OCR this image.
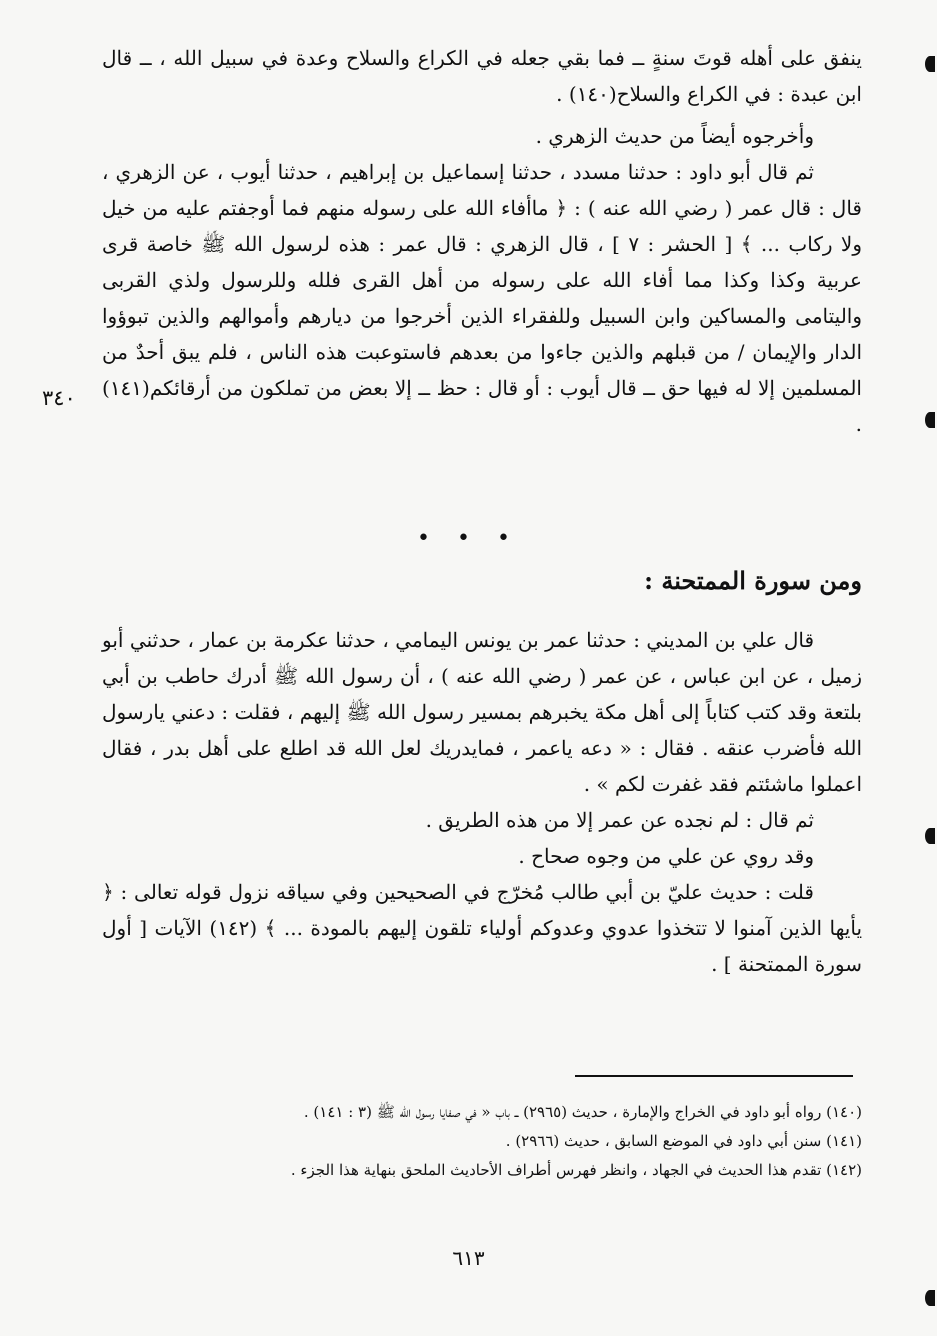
ينفق على أهله قوتَ سنةٍ ــ فما بقي جعله في الكراع والسلاح وعدة في سبيل الله ، ــ قال ابن عبدة : في الكراع والسلاح(١٤٠) .

وأخرجوه أيضاً من حديث الزهري .

ثم قال أبو داود : حدثنا مسدد ، حدثنا إسماعيل بن إبراهيم ، حدثنا أيوب ، عن الزهري ، قال : قال عمر ( رضي الله عنه ) : ﴿ ماأفاء الله على رسوله منهم فما أوجفتم عليه من خيل ولا ركاب ... ﴾ [ الحشر : ٧ ] ، قال الزهري : قال عمر : هذه لرسول الله ﷺ خاصة قرى عربية وكذا وكذا مما أفاء الله على رسوله من أهل القرى فلله وللرسول ولذي القربى واليتامى والمساكين وابن السبيل وللفقراء الذين أخرجوا من ديارهم وأموالهم والذين تبوؤوا الدار والإيمان / من قبلهم والذين جاءوا من بعدهم فاستوعبت هذه الناس ، فلم يبق أحدٌ من المسلمين إلا له فيها حق ــ قال أيوب : أو قال : حظ ــ إلا بعض من تملكون من أرقائكم(١٤١) .

٣٤٠
• • •
ومن سورة الممتحنة :

قال علي بن المديني : حدثنا عمر بن يونس اليمامي ، حدثنا عكرمة بن عمار ، حدثني أبو زميل ، عن ابن عباس ، عن عمر ( رضي الله عنه ) ، أن رسول الله ﷺ أدرك حاطب بن أبي بلتعة وقد كتب كتاباً إلى أهل مكة يخبرهم بمسير رسول الله ﷺ إليهم ، فقلت : دعني يارسول الله فأضرب عنقه . فقال : « دعه ياعمر ، فمايدريك لعل الله قد اطلع على أهل بدر ، فقال اعملوا ماشئتم فقد غفرت لكم » .

ثم قال : لم نجده عن عمر إلا من هذه الطريق .

وقد روي عن علي من وجوه صحاح .

قلت : حديث عليّ بن أبي طالب مُخرّج في الصحيحين وفي سياقه نزول قوله تعالى : ﴿ يأيها الذين آمنوا لا تتخذوا عدوي وعدوكم أولياء تلقون إليهم بالمودة ... ﴾ (١٤٢) الآيات [ أول سورة الممتحنة ] .

(١٤٠) رواه أبو داود في الخراج والإمارة ، حديث (٢٩٦٥) ــ باب « في صفايا رسول الله ﷺ (٣ : ١٤١) .

(١٤١) سنن أبي داود في الموضع السابق ، حديث (٢٩٦٦) .

(١٤٢) تقدم هذا الحديث في الجهاد ، وانظر فهرس أطراف الأحاديث الملحق بنهاية هذا الجزء .

٦١٣
